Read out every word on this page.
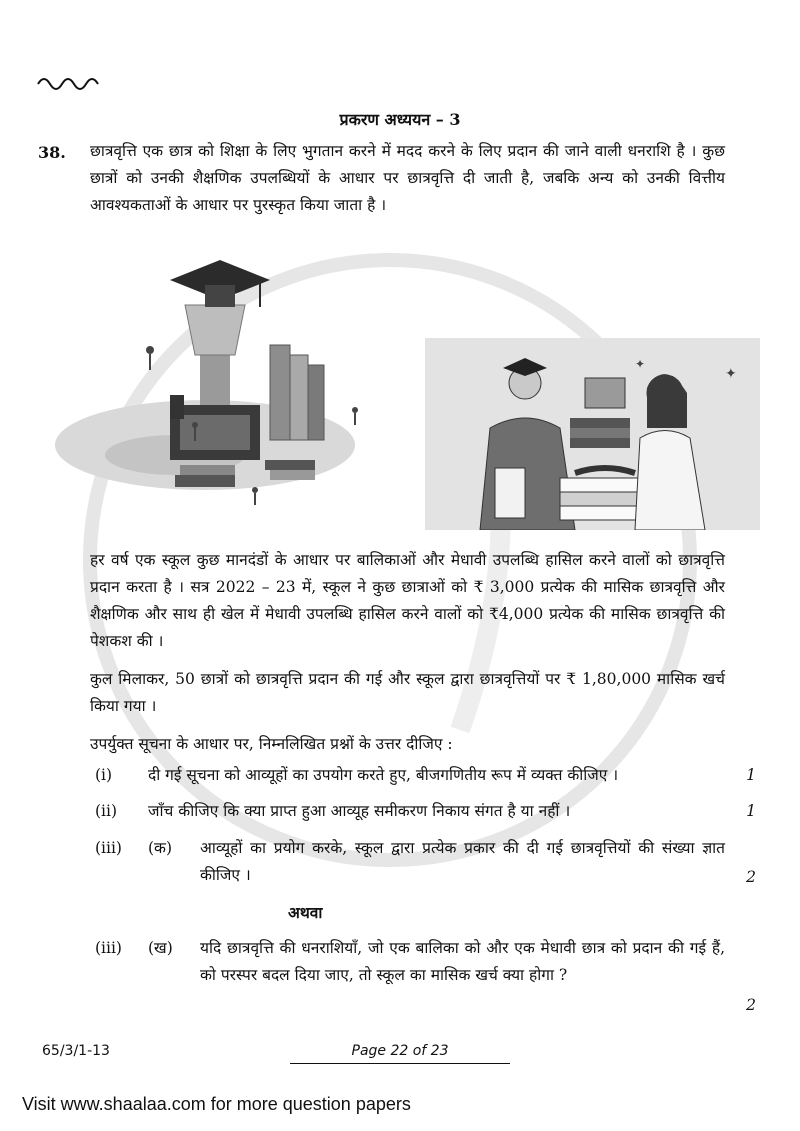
प्रकरण अध्ययन – 3
38. छात्रवृत्ति एक छात्र को शिक्षा के लिए भुगतान करने में मदद करने के लिए प्रदान की जाने वाली धनराशि है । कुछ छात्रों को उनकी शैक्षणिक उपलब्धियों के आधार पर छात्रवृत्ति दी जाती है, जबकि अन्य को उनकी वित्तीय आवश्यकताओं के आधार पर पुरस्कृत किया जाता है ।
✦
✦
हर वर्ष एक स्कूल कुछ मानदंडों के आधार पर बालिकाओं और मेधावी उपलब्धि हासिल करने वालों को छात्रवृत्ति प्रदान करता है । सत्र 2022 – 23 में, स्कूल ने कुछ छात्राओं को ₹ 3,000 प्रत्येक की मासिक छात्रवृत्ति और शैक्षणिक और साथ ही खेल में मेधावी उपलब्धि हासिल करने वालों को ₹4,000 प्रत्येक की मासिक छात्रवृत्ति की पेशकश की ।
कुल मिलाकर, 50 छात्रों को छात्रवृत्ति प्रदान की गई और स्कूल द्वारा छात्रवृत्तियों पर ₹ 1,80,000 मासिक खर्च किया गया ।
उपर्युक्त सूचना के आधार पर, निम्नलिखित प्रश्नों के उत्तर दीजिए :
(i) दी गई सूचना को आव्यूहों का उपयोग करते हुए, बीजगणितीय रूप में व्यक्त कीजिए ।	1
(ii) जाँच कीजिए कि क्या प्राप्त हुआ आव्यूह समीकरण निकाय संगत है या नहीं ।	1
(iii) (क) आव्यूहों का प्रयोग करके, स्कूल द्वारा प्रत्येक प्रकार की दी गई छात्रवृत्तियों की संख्या ज्ञात कीजिए ।	2
अथवा
(iii) (ख) यदि छात्रवृत्ति की धनराशियाँ, जो एक बालिका को और एक मेधावी छात्र को प्रदान की गई हैं, को परस्पर बदल दिया जाए, तो स्कूल का मासिक खर्च क्या होगा ?
2
65/3/1-13	Page 22 of 23
Visit www.shaalaa.com for more question papers
